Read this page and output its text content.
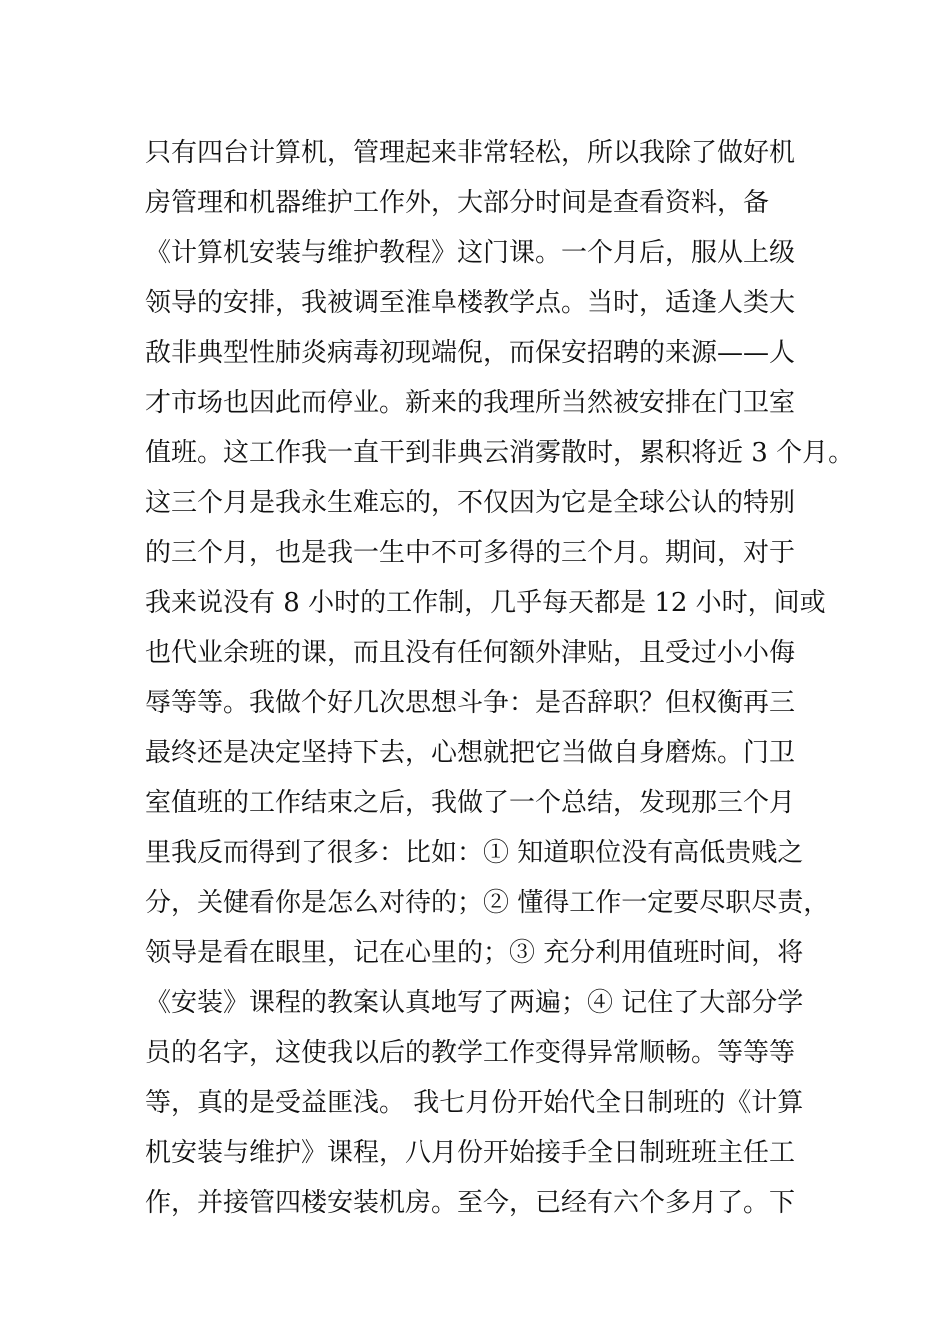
只有四台计算机，管理起来非常轻松，所以我除了做好机
房管理和机器维护工作外，大部分时间是查看资料，备
《计算机安装与维护教程》这门课。一个月后，服从上级
领导的安排，我被调至淮阜楼教学点。当时，适逢人类大
敌非典型性肺炎病毒初现端倪，而保安招聘的来源——人
才市场也因此而停业。新来的我理所当然被安排在门卫室
值班。这工作我一直干到非典云消雾散时，累积将近 3 个月。
这三个月是我永生难忘的，不仅因为它是全球公认的特别
的三个月，也是我一生中不可多得的三个月。期间，对于
我来说没有 8 小时的工作制，几乎每天都是 12 小时，间或
也代业余班的课，而且没有任何额外津贴，且受过小小侮
辱等等。我做个好几次思想斗争：是否辞职？但权衡再三
最终还是决定坚持下去，心想就把它当做自身磨炼。门卫
室值班的工作结束之后，我做了一个总结，发现那三个月
里我反而得到了很多：比如：① 知道职位没有高低贵贱之
分，关健看你是怎么对待的；② 懂得工作一定要尽职尽责，
领导是看在眼里，记在心里的；③ 充分利用值班时间，将
《安装》课程的教案认真地写了两遍；④ 记住了大部分学
员的名字，这使我以后的教学工作变得异常顺畅。等等等
等，真的是受益匪浅。 我七月份开始代全日制班的《计算
机安装与维护》课程，八月份开始接手全日制班班主任工
作，并接管四楼安装机房。至今，已经有六个多月了。下
